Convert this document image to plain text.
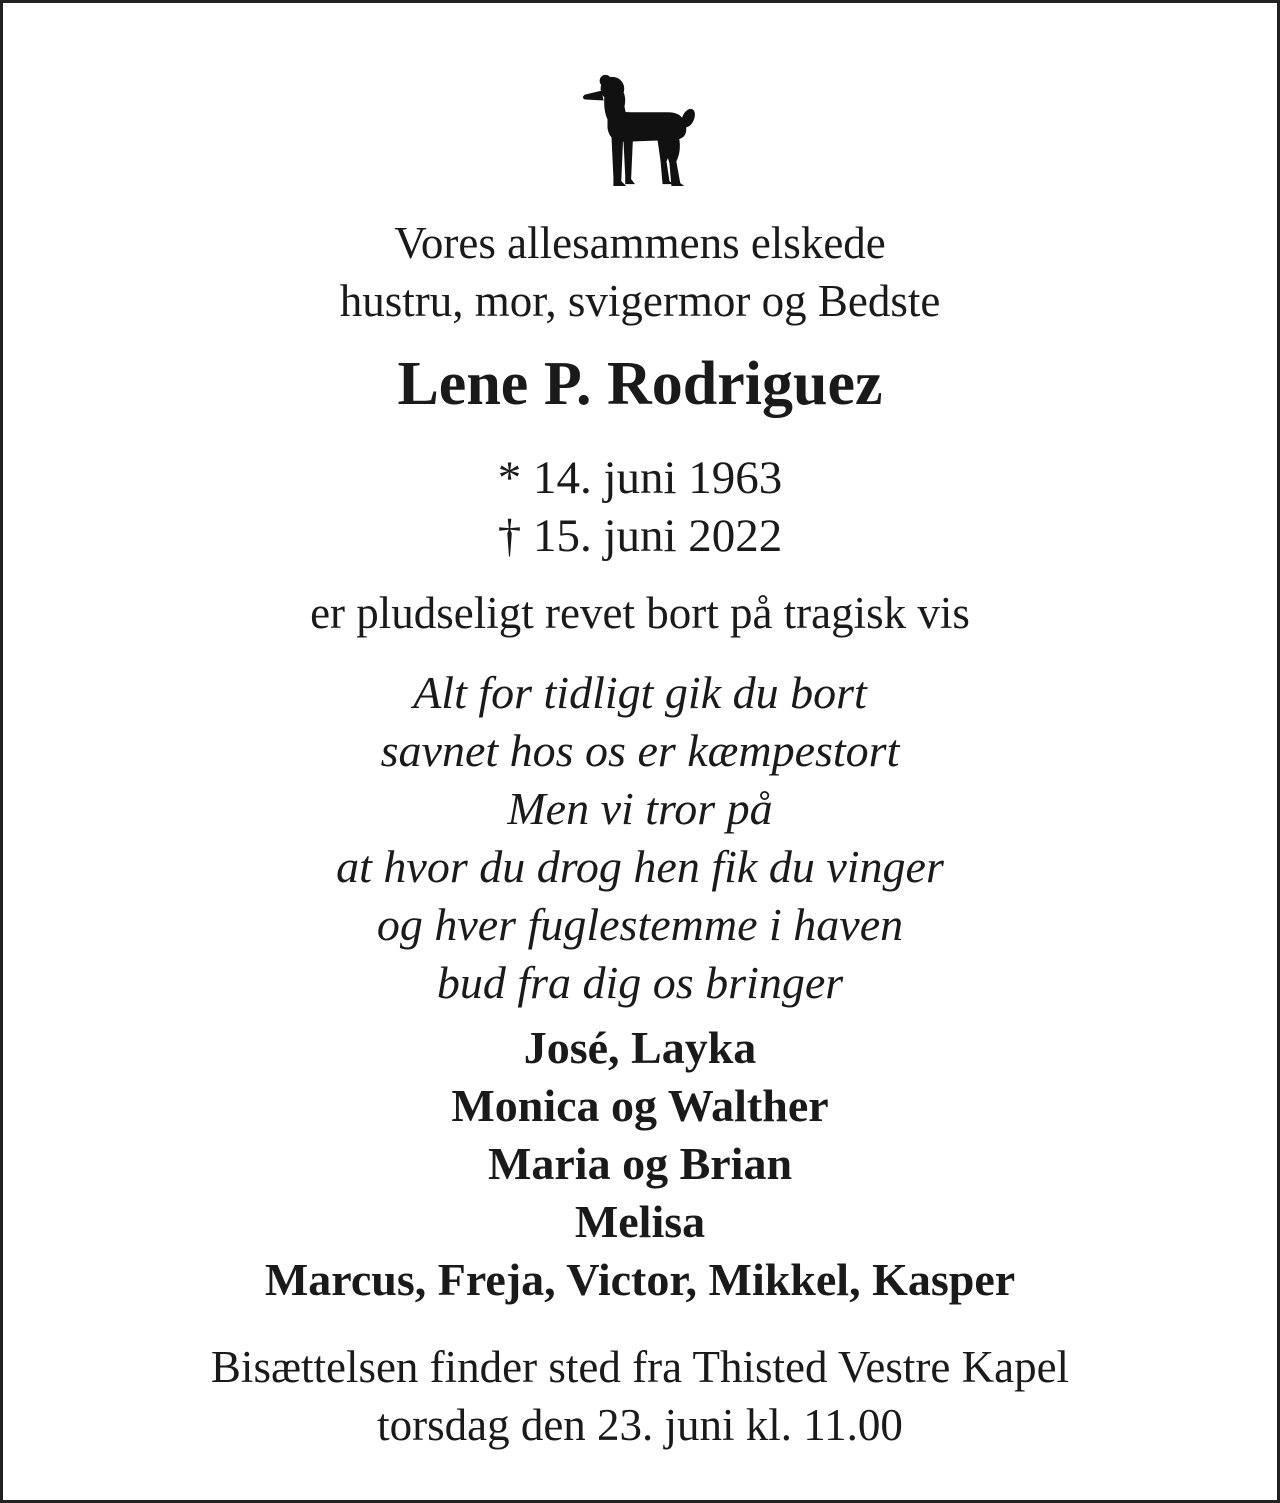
Vores allesammens elskede
hustru, mor, svigermor og Bedste
Lene P. Rodriguez
* 14. juni 1963
† 15. juni 2022
er pludseligt revet bort på tragisk vis
Alt for tidligt gik du bort
savnet hos os er kæmpestort
Men vi tror på
at hvor du drog hen fik du vinger
og hver fuglestemme i haven
bud fra dig os bringer
José, Layka
Monica og Walther
Maria og Brian
Melisa
Marcus, Freja, Victor, Mikkel, Kasper
Bisættelsen finder sted fra Thisted Vestre Kapel
torsdag den 23. juni kl. 11.00
